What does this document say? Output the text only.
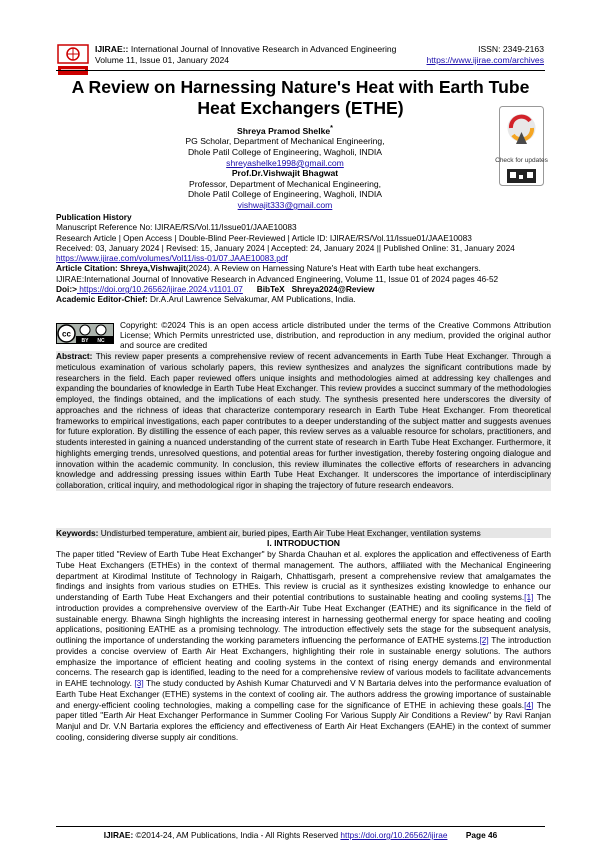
IJIRAE:: International Journal of Innovative Research in Advanced Engineering
Volume 11, Issue 01, January 2024
ISSN: 2349-2163
https://www.ijirae.com/archives
A Review on Harnessing Nature's Heat with Earth Tube Heat Exchangers (ETHE)
Check for updates
Shreya Pramod Shelke*
PG Scholar, Department of Mechanical Engineering,
Dhole Patil College of Engineering, Wagholi, INDIA
shreyashelke1998@gmail.com
Prof.Dr.Vishwajit Bhagwat
Professor, Department of Mechanical Engineering,
Dhole Patil College of Engineering, Wagholi, INDIA
vishwajit333@gmail.com
Publication History
Manuscript Reference No: IJIRAE/RS/Vol.11/Issue01/JAAE10083
Research Article | Open Access | Double-Blind Peer-Reviewed | Article ID: IJIRAE/RS/Vol.11/Issue01/JAAE10083
Received: 03, January 2024 | Revised: 15, January 2024 | Accepted: 24, January 2024 || Published Online: 31, January 2024
https://www.ijirae.com/volumes/Vol11/iss-01/07.JAAE10083.pdf
Article Citation: Shreya,Vishwajit(2024). A Review on Harnessing Nature's Heat with Earth tube heat exchangers. IJIRAE:International Journal of Innovative Research in Advanced Engineering, Volume 11, Issue 01 of 2024 pages 46-52
Doi:> https://doi.org/10.26562/ijirae.2024.v1101.07 BibTeX Shreya2024@Review
Academic Editor-Chief: Dr.A.Arul Lawrence Selvakumar, AM Publications, India.
cc
BY NC
Copyright: ©2024 This is an open access article distributed under the terms of the Creative Commons Attribution License; Which Permits unrestricted use, distribution, and reproduction in any medium, provided the original author and source are credited
Abstract: This review paper presents a comprehensive review of recent advancements in Earth Tube Heat Exchanger. Through a meticulous examination of various scholarly papers, this review synthesizes and analyzes the significant contributions made by researchers in the field. Each paper reviewed offers unique insights and methodologies aimed at addressing key challenges and expanding the boundaries of knowledge in Earth Tube Heat Exchanger. This review provides a succinct summary of the methodologies employed, the findings obtained, and the implications of each study. The synthesis presented here underscores the diversity of approaches and the richness of ideas that characterize contemporary research in Earth Tube Heat Exchanger. From theoretical frameworks to empirical investigations, each paper contributes to a deeper understanding of the subject matter and suggests avenues for future exploration. By distilling the essence of each paper, this review serves as a valuable resource for scholars, practitioners, and students interested in gaining a nuanced understanding of the current state of research in Earth Tube Heat Exchanger. Furthermore, it highlights emerging trends, unresolved questions, and potential areas for further investigation, thereby fostering ongoing dialogue and innovation within the academic community. In conclusion, this review illuminates the collective efforts of researchers in advancing knowledge and addressing pressing issues within Earth Tube Heat Exchanger. It underscores the importance of interdisciplinary collaboration, critical inquiry, and methodological rigor in shaping the trajectory of future research endeavors.
Keywords: Undisturbed temperature, ambient air, buried pipes, Earth Air Tube Heat Exchanger, ventilation systems
I. INTRODUCTION
The paper titled "Review of Earth Tube Heat Exchanger" by Sharda Chauhan et al. explores the application and effectiveness of Earth Tube Heat Exchangers (ETHEs) in the context of thermal management. The authors, affiliated with the Mechanical Engineering department at Kirodimal Institute of Technology in Raigarh, Chhattisgarh, present a comprehensive review that amalgamates the findings and insights from various studies on ETHEs. This review is crucial as it synthesizes existing knowledge to enhance our understanding of Earth Tube Heat Exchangers and their potential contributions to sustainable heating and cooling systems.[1] The introduction provides a comprehensive overview of the Earth-Air Tube Heat Exchanger (EATHE) and its significance in the field of sustainable energy. Bhawna Singh highlights the increasing interest in harnessing geothermal energy for space heating and cooling applications, positioning EATHE as a promising technology. The introduction effectively sets the stage for the subsequent analysis, outlining the importance of understanding the working parameters influencing the performance of EATHE systems.[2] The introduction provides a concise overview of Earth Air Heat Exchangers, highlighting their role in sustainable energy solutions. The authors emphasize the importance of efficient heating and cooling systems in the context of rising energy demands and environmental concerns. The research gap is identified, leading to the need for a comprehensive review of various models to facilitate advancements in EAHE technology. [3] The study conducted by Ashish Kumar Chaturvedi and V N Bartaria delves into the performance evaluation of Earth Tube Heat Exchanger (ETHE) systems in the context of cooling air. The authors address the growing importance of sustainable and energy-efficient cooling technologies, making a compelling case for the significance of ETHE in achieving these goals.[4] The paper titled "Earth Air Heat Exchanger Performance in Summer Cooling For Various Supply Air Conditions a Review" by Ravi Ranjan Manjul and Dr. V.N Bartaria explores the efficiency and effectiveness of Earth Air Heat Exchangers (EAHE) in the context of summer cooling, considering diverse supply air conditions.
IJIRAE: ©2014-24, AM Publications, India - All Rights Reserved https://doi.org/10.26562/ijirae Page 46
